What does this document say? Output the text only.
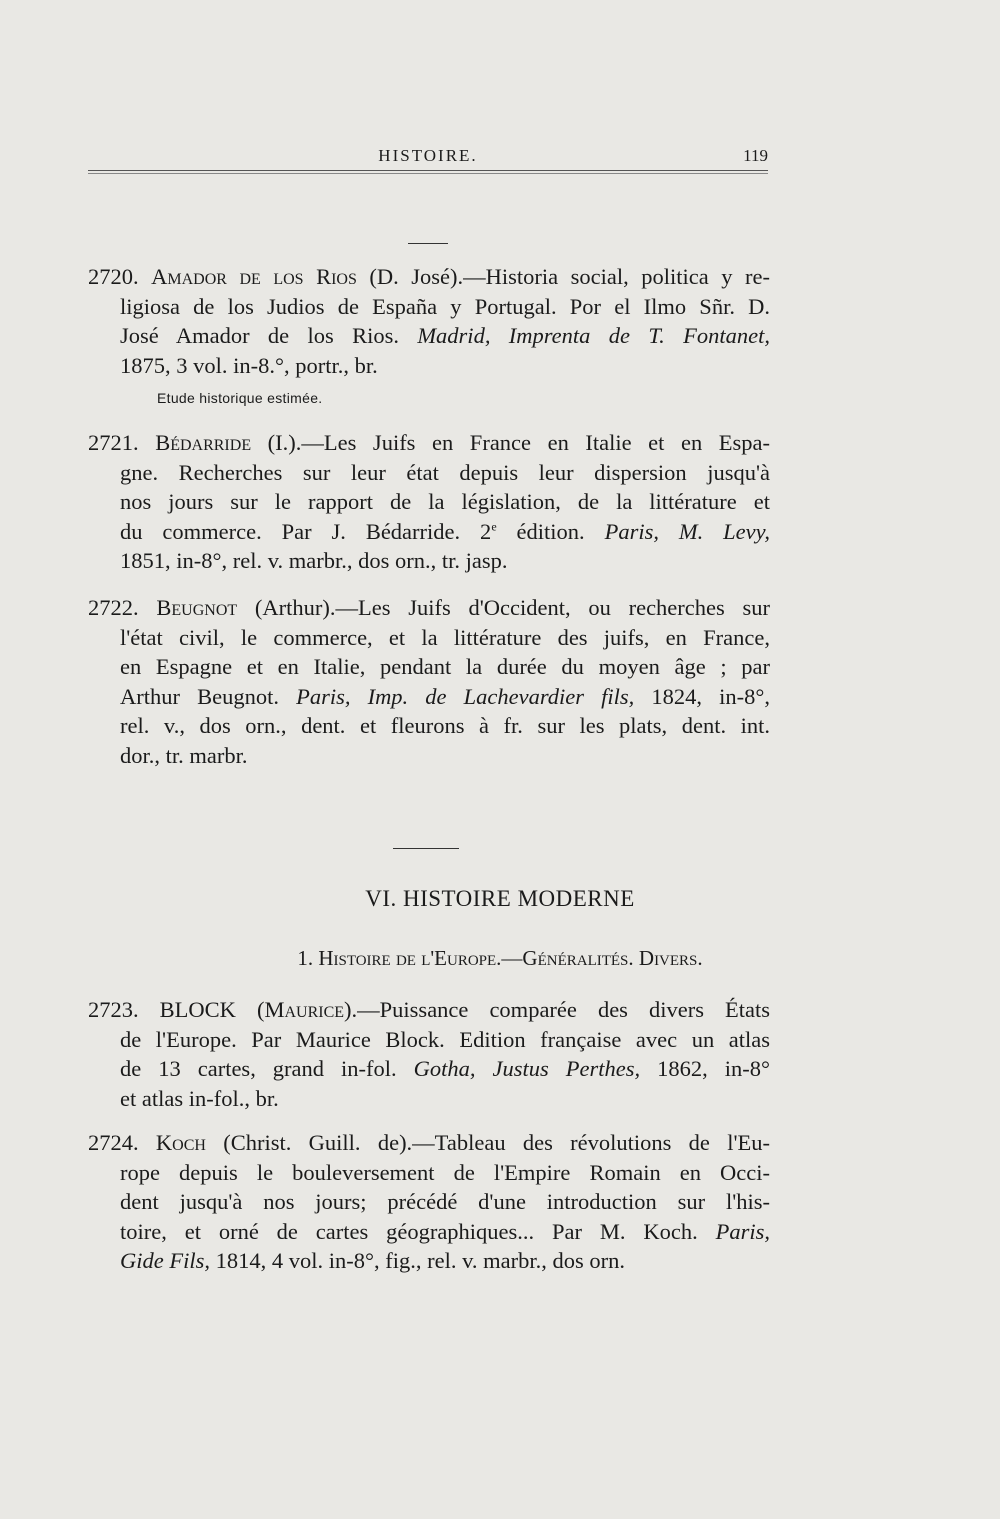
HISTOIRE.	119
2720. Amador de los Rios (D. José).—Historia social, politica y re-
ligiosa de los Judios de España y Portugal. Por el Ilmo Sñr. D.
José Amador de los Rios. Madrid, Imprenta de T. Fontanet,
1875, 3 vol. in-8.°, portr., br.
Etude historique estimée.
2721. Bédarride (I.).—Les Juifs en France en Italie et en Espa-
gne. Recherches sur leur état depuis leur dispersion jusqu'à
nos jours sur le rapport de la législation, de la littérature et
du commerce. Par J. Bédarride. 2e édition. Paris, M. Levy,
1851, in-8°, rel. v. marbr., dos orn., tr. jasp.
2722. Beugnot (Arthur).—Les Juifs d'Occident, ou recherches sur
l'état civil, le commerce, et la littérature des juifs, en France,
en Espagne et en Italie, pendant la durée du moyen âge ; par
Arthur Beugnot. Paris, Imp. de Lachevardier fils, 1824, in-8°,
rel. v., dos orn., dent. et fleurons à fr. sur les plats, dent. int.
dor., tr. marbr.
VI. HISTOIRE MODERNE
1. Histoire de l'Europe.—Généralités. Divers.
2723. BLOCK (Maurice).—Puissance comparée des divers États
de l'Europe. Par Maurice Block. Edition française avec un atlas
de 13 cartes, grand in-fol. Gotha, Justus Perthes, 1862, in-8°
et atlas in-fol., br.
2724. Koch (Christ. Guill. de).—Tableau des révolutions de l'Eu-
rope depuis le bouleversement de l'Empire Romain en Occi-
dent jusqu'à nos jours; précédé d'une introduction sur l'his-
toire, et orné de cartes géographiques... Par M. Koch. Paris,
Gide Fils, 1814, 4 vol. in-8°, fig., rel. v. marbr., dos orn.
